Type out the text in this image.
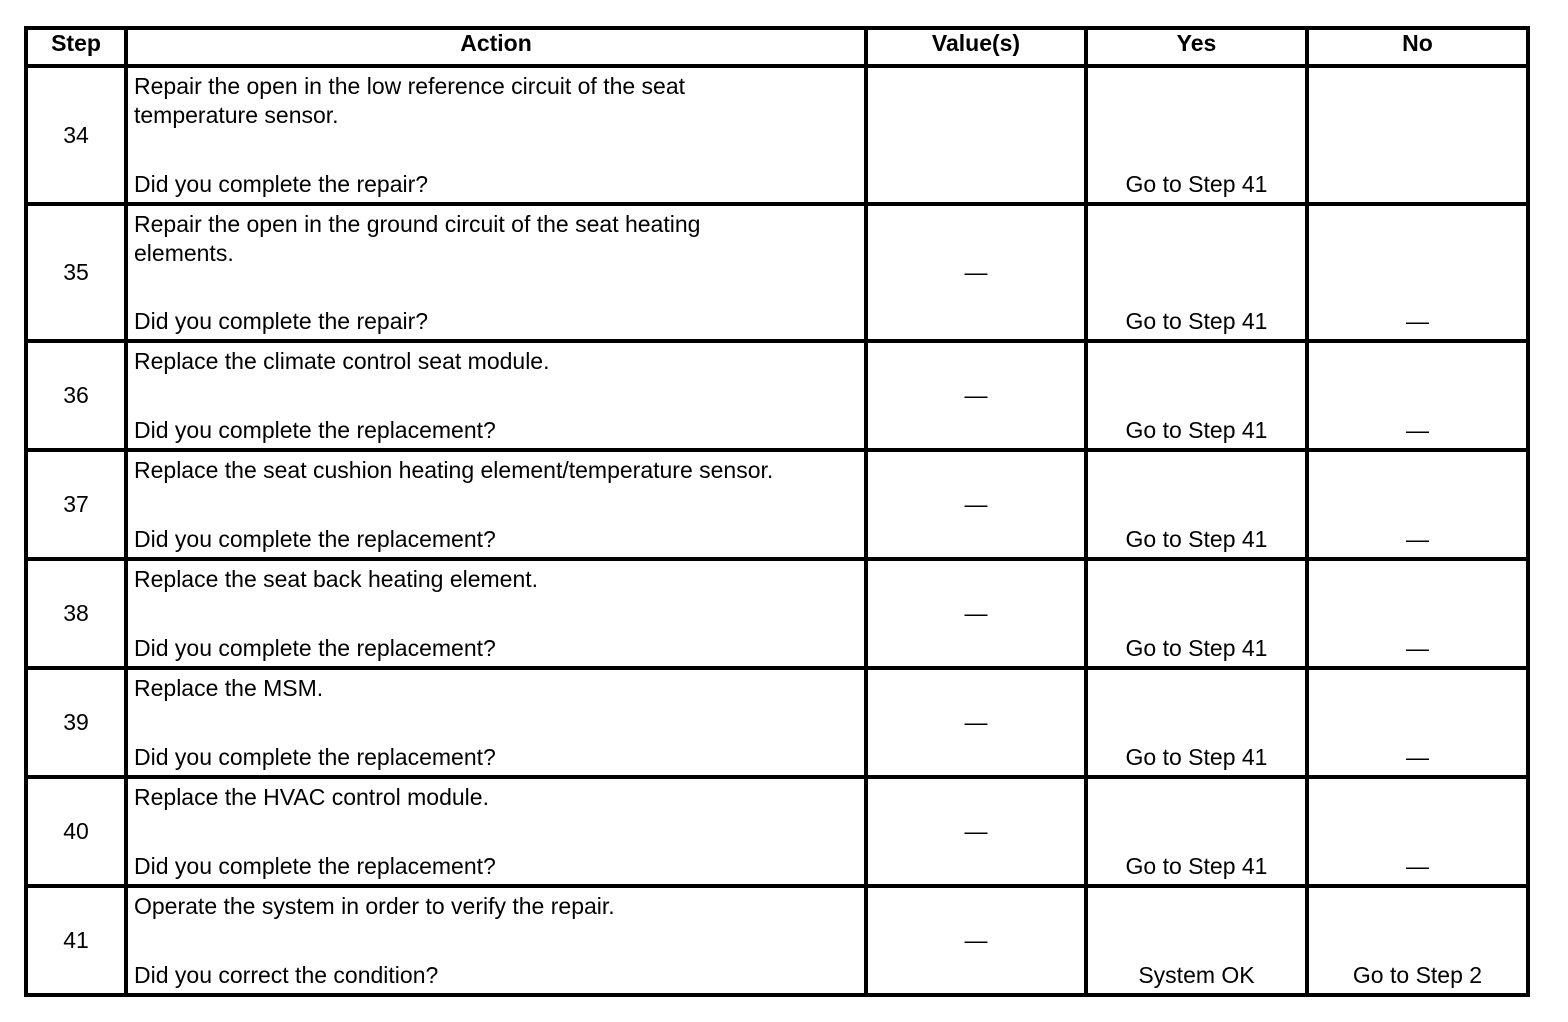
Step	Action	Value(s)	Yes	No
34	Repair the open in the low reference circuit of the seat temperature sensor.
Did you complete the repair?		Go to Step 41	

35	Repair the open in the ground circuit of the seat heating elements.
Did you complete the repair?	—	Go to Step 41	—

36	Replace the climate control seat module.
Did you complete the replacement?	—	Go to Step 41	—

37	Replace the seat cushion heating element/temperature sensor.
Did you complete the replacement?	—	Go to Step 41	—

38	Replace the seat back heating element.
Did you complete the replacement?	—	Go to Step 41	—

39	Replace the MSM.
Did you complete the replacement?	—	Go to Step 41	—

40	Replace the HVAC control module.
Did you complete the replacement?	—	Go to Step 41	—

41	Operate the system in order to verify the repair.
Did you correct the condition?	—	System OK	Go to Step 2
